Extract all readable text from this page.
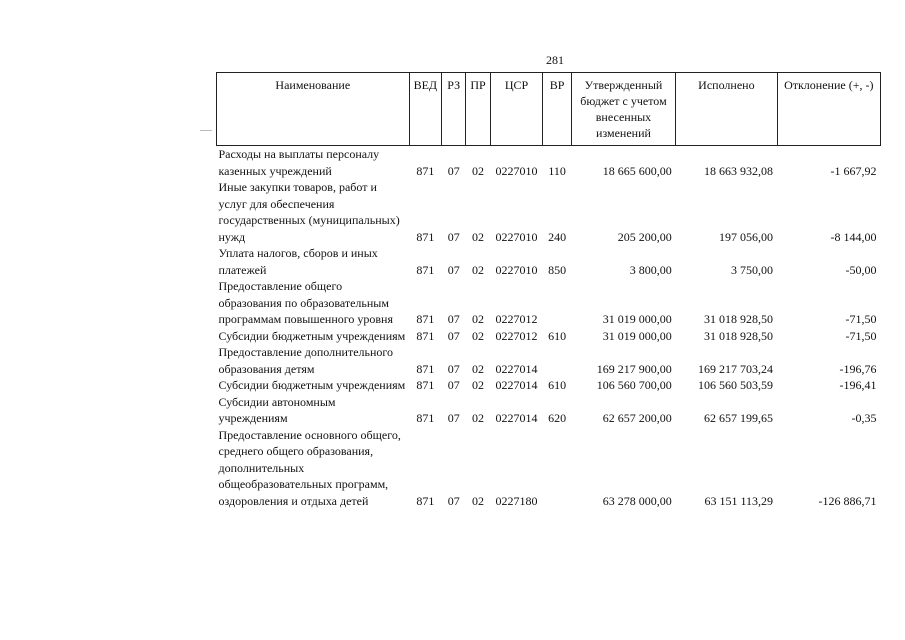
281
Наименование	ВЕД	РЗ	ПР	ЦСР	ВР	Утвержденный бюджет с учетом внесенных изменений	Исполнено	Отклонение (+, -)
Расходы на выплаты персоналу казенных учреждений	871	07	02	0227010	110	18 665 600,00	18 663 932,08	-1 667,92
Иные закупки товаров, работ и услуг для обеспечения государственных (муниципальных) нужд	871	07	02	0227010	240	205 200,00	197 056,00	-8 144,00
Уплата налогов, сборов и иных платежей	871	07	02	0227010	850	3 800,00	3 750,00	-50,00
Предоставление общего образования по образовательным программам повышенного уровня	871	07	02	0227012		31 019 000,00	31 018 928,50	-71,50
Субсидии бюджетным учреждениям	871	07	02	0227012	610	31 019 000,00	31 018 928,50	-71,50
Предоставление дополнительного образования детям	871	07	02	0227014		169 217 900,00	169 217 703,24	-196,76
Субсидии бюджетным учреждениям	871	07	02	0227014	610	106 560 700,00	106 560 503,59	-196,41
Субсидии автономным учреждениям	871	07	02	0227014	620	62 657 200,00	62 657 199,65	-0,35
Предоставление основного общего, среднего общего образования, дополнительных общеобразовательных программ, оздоровления и отдыха детей	871	07	02	0227180		63 278 000,00	63 151 113,29	-126 886,71
